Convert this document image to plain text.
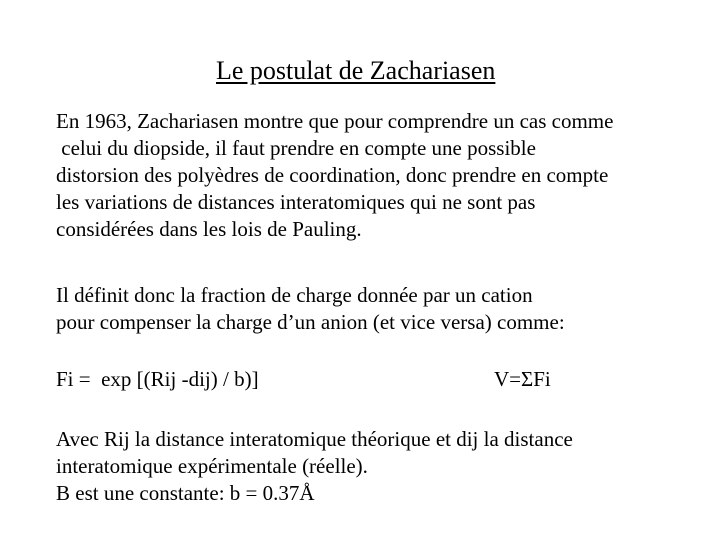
Le postulat de Zachariasen
En 1963, Zachariasen montre que pour comprendre un cas comme
celui du diopside, il faut prendre en compte une possible
distorsion des polyèdres de coordination, donc prendre en compte
les variations de distances interatomiques qui ne sont pas
considérées dans les lois de Pauling.
Il définit donc la fraction de charge donnée par un cation
pour compenser la charge d’un anion (et vice versa) comme:
Fi =  exp [(Rij -dij) / b)]	V=ΣFi
Avec Rij la distance interatomique théorique et dij la distance
interatomique expérimentale (réelle).
B est une constante: b = 0.37Å
